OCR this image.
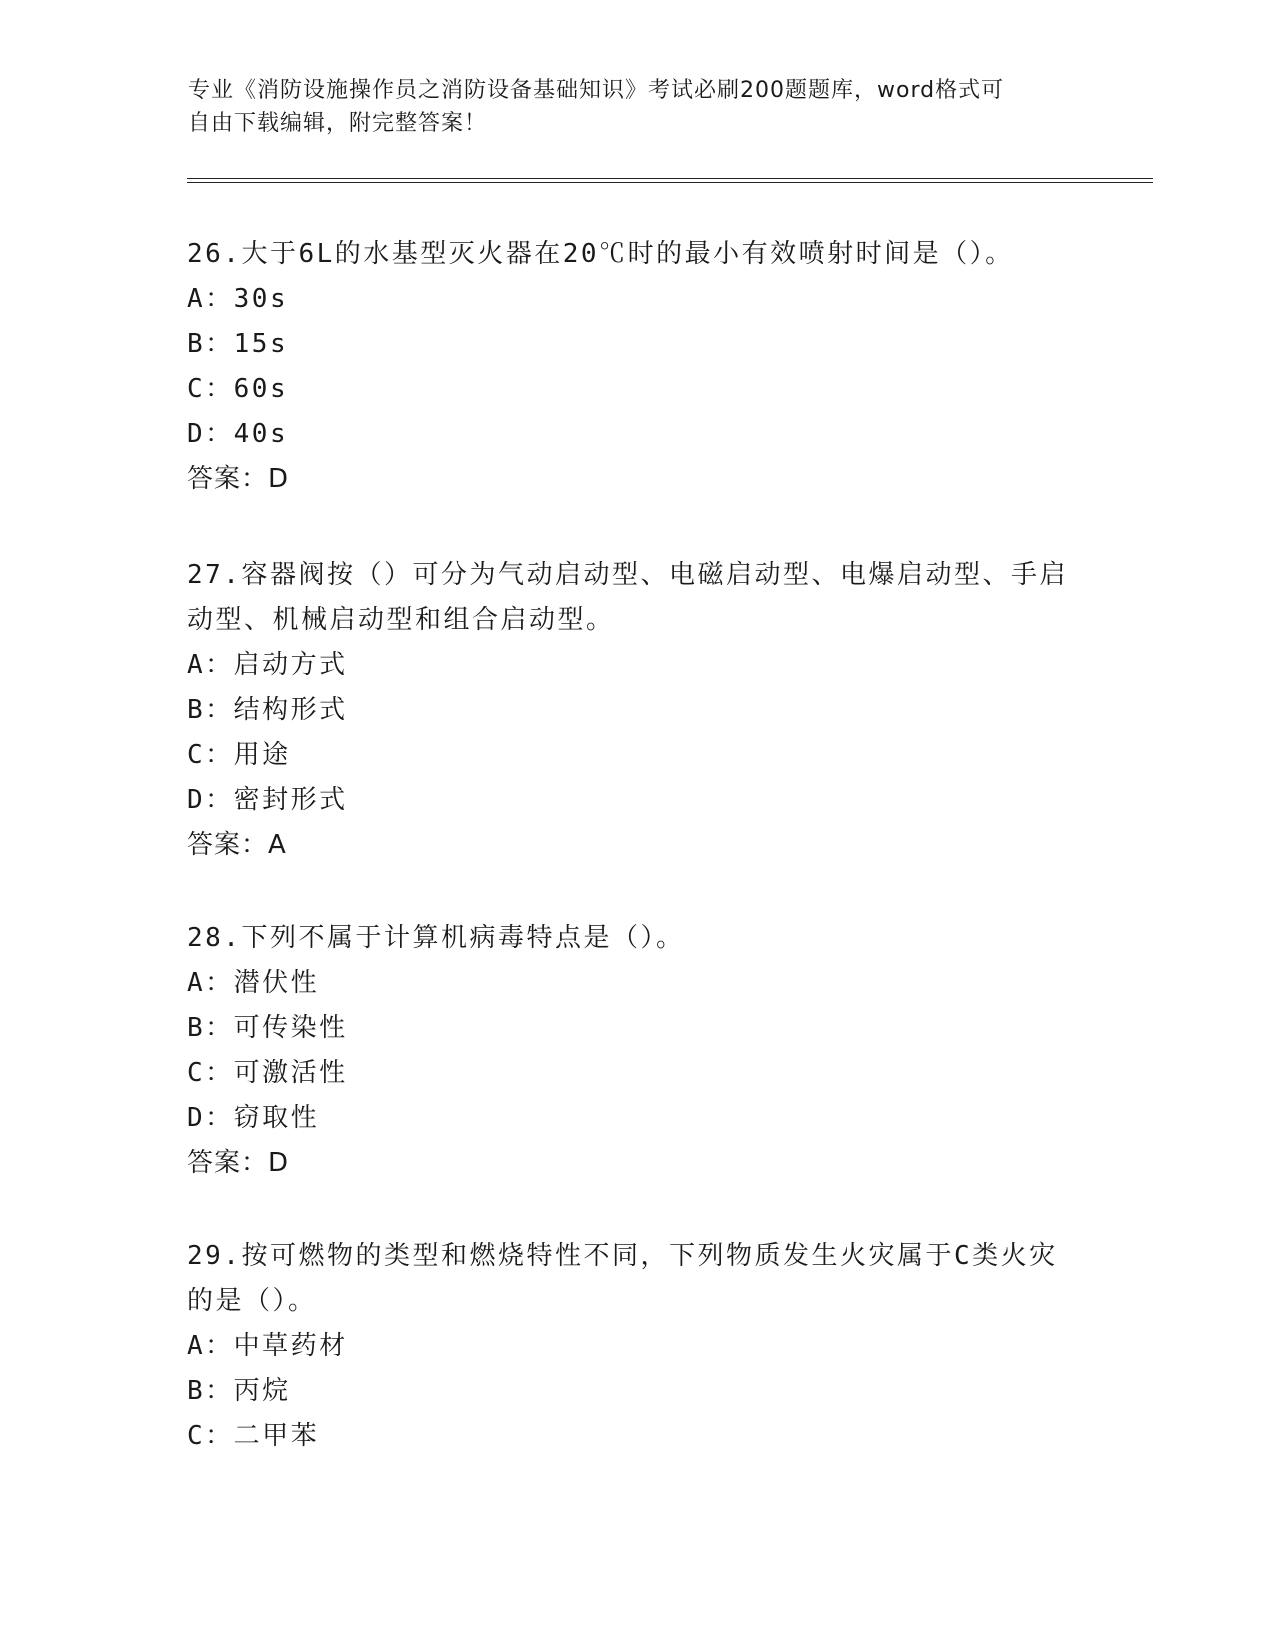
专业《消防设施操作员之消防设备基础知识》考试必刷200题题库，word格式可
自由下载编辑，附完整答案！
26.大于6L的水基型灭火器在20℃时的最小有效喷射时间是（）。
A：30s
B：15s
C：60s
D：40s
答案：D
27.容器阀按（）可分为气动启动型、电磁启动型、电爆启动型、手启
动型、机械启动型和组合启动型。
A：启动方式
B：结构形式
C：用途
D：密封形式
答案：A
28.下列不属于计算机病毒特点是（）。
A：潜伏性
B：可传染性
C：可激活性
D：窃取性
答案：D
29.按可燃物的类型和燃烧特性不同，下列物质发生火灾属于C类火灾
的是（）。
A：中草药材
B：丙烷
C：二甲苯
